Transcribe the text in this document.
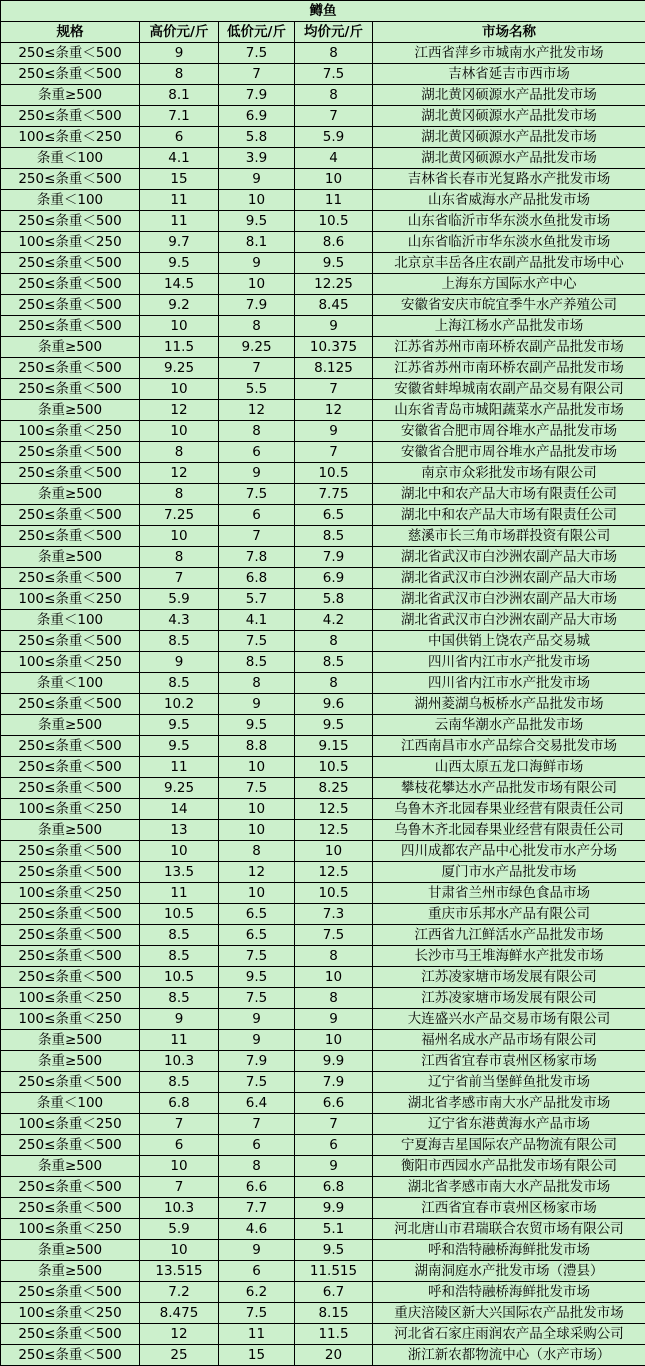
鳟鱼				
规格	高价元/斤	低价元/斤	均价元/斤	市场名称
250≤条重＜500	9	7.5	8	江西省萍乡市城南水产批发市场
250≤条重＜500	8	7	7.5	吉林省延吉市西市场
条重≥500	8.1	7.9	8	湖北黄冈硕源水产品批发市场
250≤条重＜500	7.1	6.9	7	湖北黄冈硕源水产品批发市场
100≤条重＜250	6	5.8	5.9	湖北黄冈硕源水产品批发市场
条重＜100	4.1	3.9	4	湖北黄冈硕源水产品批发市场
250≤条重＜500	15	9	10	吉林省长春市光复路水产批发市场
条重＜100	11	10	11	山东省威海水产品批发市场
250≤条重＜500	11	9.5	10.5	山东省临沂市华东淡水鱼批发市场
100≤条重＜250	9.7	8.1	8.6	山东省临沂市华东淡水鱼批发市场
250≤条重＜500	9.5	9	9.5	北京京丰岳各庄农副产品批发市场中心
250≤条重＜500	14.5	10	12.25	上海东方国际水产中心
250≤条重＜500	9.2	7.9	8.45	安徽省安庆市皖宜季牛水产养殖公司
250≤条重＜500	10	8	9	上海江杨水产品批发市场
条重≥500	11.5	9.25	10.375	江苏省苏州市南环桥农副产品批发市场
250≤条重＜500	9.25	7	8.125	江苏省苏州市南环桥农副产品批发市场
250≤条重＜500	10	5.5	7	安徽省蚌埠城南农副产品交易有限公司
条重≥500	12	12	12	山东省青岛市城阳蔬菜水产品批发市场
100≤条重＜250	10	8	9	安徽省合肥市周谷堆水产品批发市场
250≤条重＜500	8	6	7	安徽省合肥市周谷堆水产品批发市场
250≤条重＜500	12	9	10.5	南京市众彩批发市场有限公司
条重≥500	8	7.5	7.75	湖北中和农产品大市场有限责任公司
250≤条重＜500	7.25	6	6.5	湖北中和农产品大市场有限责任公司
250≤条重＜500	10	7	8.5	慈溪市长三角市场群投资有限公司
条重≥500	8	7.8	7.9	湖北省武汉市白沙洲农副产品大市场
250≤条重＜500	7	6.8	6.9	湖北省武汉市白沙洲农副产品大市场
100≤条重＜250	5.9	5.7	5.8	湖北省武汉市白沙洲农副产品大市场
条重＜100	4.3	4.1	4.2	湖北省武汉市白沙洲农副产品大市场
250≤条重＜500	8.5	7.5	8	中国供销上饶农产品交易城
100≤条重＜250	9	8.5	8.5	四川省内江市水产批发市场
条重＜100	8.5	8	8	四川省内江市水产批发市场
250≤条重＜500	10.2	9	9.6	湖州菱湖乌板桥水产品批发市场
条重≥500	9.5	9.5	9.5	云南华潮水产品批发市场
250≤条重＜500	9.5	8.8	9.15	江西南昌市水产品综合交易批发市场
250≤条重＜500	11	10	10.5	山西太原五龙口海鲜市场
250≤条重＜500	9.25	7.5	8.25	攀枝花攀达水产品批发市场有限公司
100≤条重＜250	14	10	12.5	乌鲁木齐北园春果业经营有限责任公司
条重≥500	13	10	12.5	乌鲁木齐北园春果业经营有限责任公司
250≤条重＜500	10	8	10	四川成都农产品中心批发市水产分场
250≤条重＜500	13.5	12	12.5	厦门市水产品批发市场
100≤条重＜250	11	10	10.5	甘肃省兰州市绿色食品市场
250≤条重＜500	10.5	6.5	7.3	重庆市乐邦水产品有限公司
250≤条重＜500	8.5	6.5	7.5	江西省九江鲜活水产品批发市场
250≤条重＜500	8.5	7.5	8	长沙市马王堆海鲜水产批发市场
250≤条重＜500	10.5	9.5	10	江苏凌家塘市场发展有限公司
100≤条重＜250	8.5	7.5	8	江苏凌家塘市场发展有限公司
100≤条重＜250	9	9	9	大连盛兴水产品交易市场有限公司
条重≥500	11	9	10	福州名成水产品市场有限公司
条重≥500	10.3	7.9	9.9	江西省宜春市袁州区杨家市场
250≤条重＜500	8.5	7.5	7.9	辽宁省前当堡鲜鱼批发市场
条重＜100	6.8	6.4	6.6	湖北省孝感市南大水产品批发市场
100≤条重＜250	7	7	7	辽宁省东港黄海水产品市场
250≤条重＜500	6	6	6	宁夏海吉星国际农产品物流有限公司
条重≥500	10	8	9	衡阳市西园水产品批发市场有限公司
250≤条重＜500	7	6.6	6.8	湖北省孝感市南大水产品批发市场
250≤条重＜500	10.3	7.7	9.9	江西省宜春市袁州区杨家市场
100≤条重＜250	5.9	4.6	5.1	河北唐山市君瑞联合农贸市场有限公司
条重≥500	10	9	9.5	呼和浩特融桥海鲜批发市场
条重≥500	13.515	6	11.515	湖南洞庭水产批发市场（澧县）
250≤条重＜500	7.2	6.2	6.7	呼和浩特融桥海鲜批发市场
100≤条重＜250	8.475	7.5	8.15	重庆涪陵区新大兴国际农产品批发市场
250≤条重＜500	12	11	11.5	河北省石家庄雨润农产品全球采购公司
250≤条重＜500	25	15	20	浙江新农都物流中心（水产市场）
